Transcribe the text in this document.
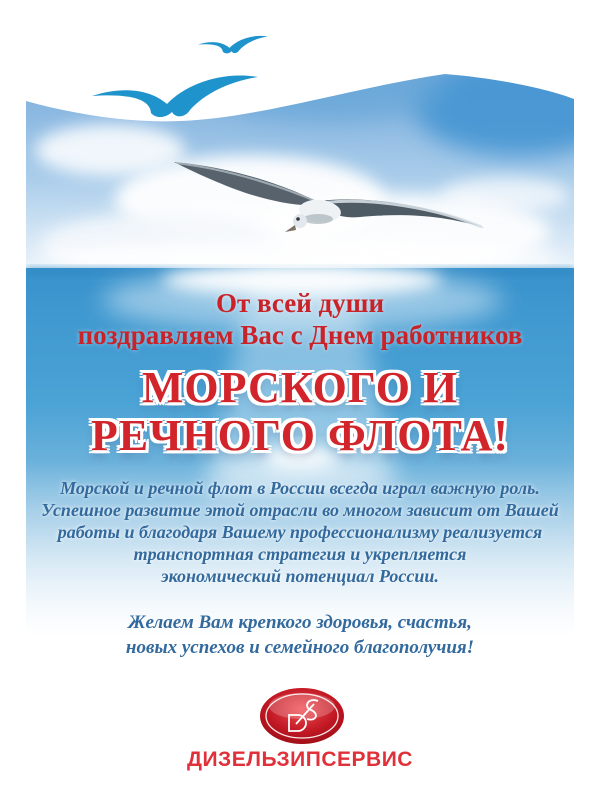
От всей души
поздравляем Вас с Днем работников
МОРСКОГО И
РЕЧНОГО ФЛОТА!
Морской и речной флот в России всегда играл важную роль.
Успешное развитие этой отрасли во многом зависит от Вашей
работы и благодаря Вашему профессионализму реализуется
транспортная стратегия и укрепляется
экономический потенциал России.
Желаем Вам крепкого здоровья, счастья,
новых успехов и семейного благополучия!
ДИЗЕЛЬЗИПСЕРВИС
